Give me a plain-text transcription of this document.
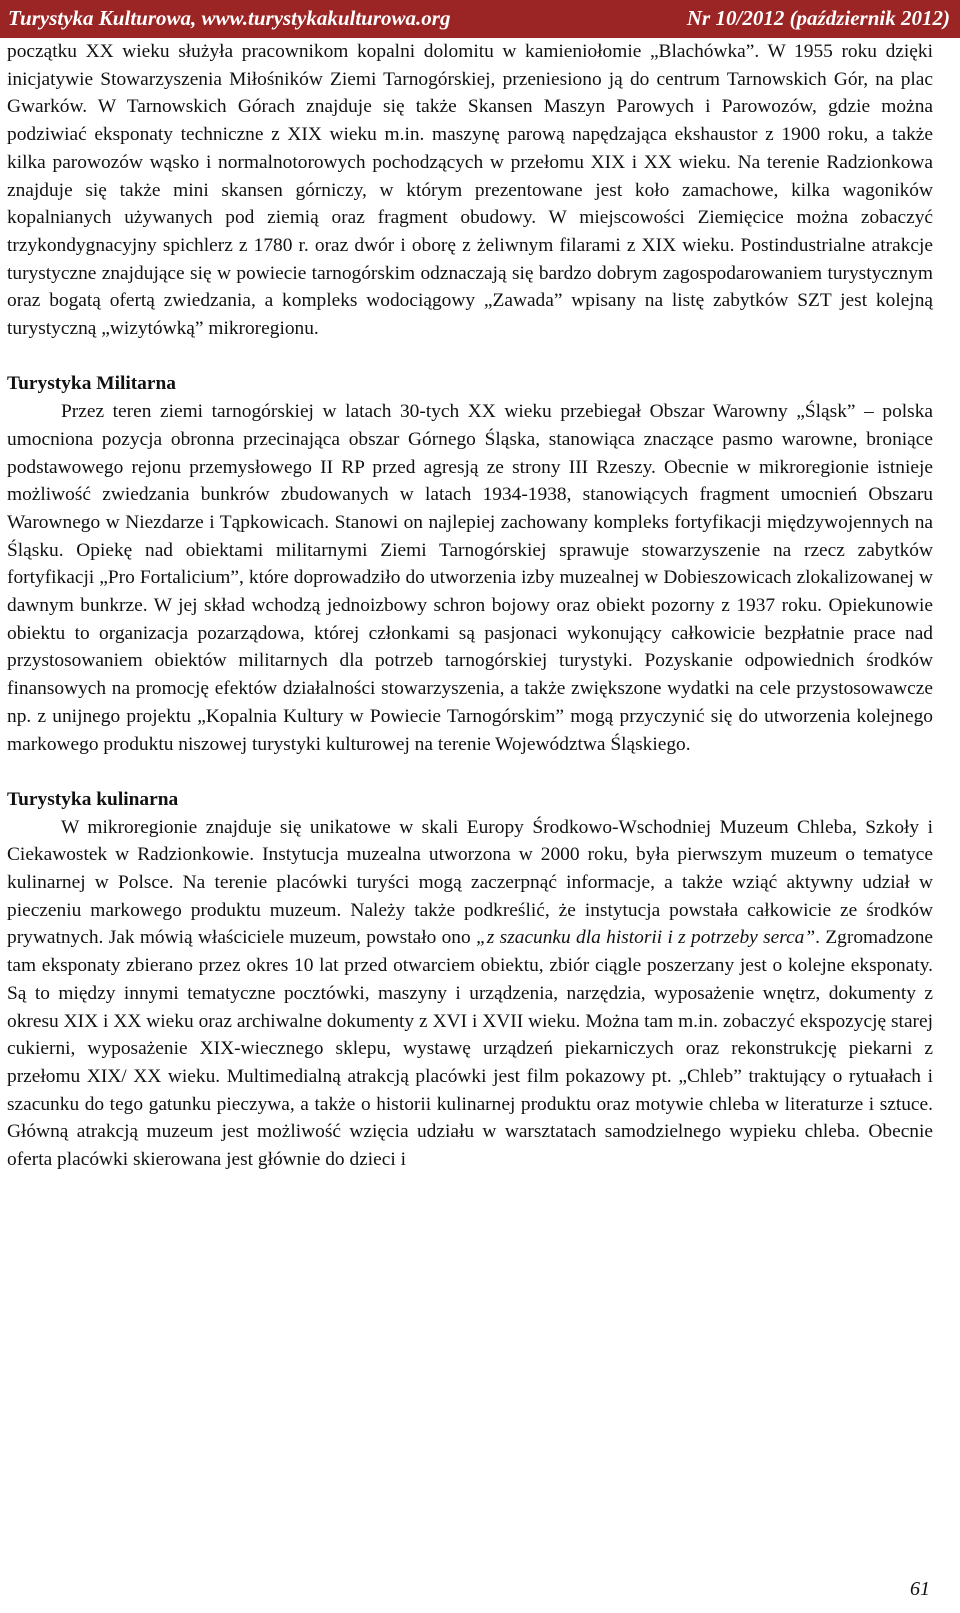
Turystyka Kulturowa, www.turystykakulturowa.org	Nr 10/2012 (październik 2012)

początku XX wieku służyła pracownikom kopalni dolomitu w kamieniołomie „Blachówka”. W 1955 roku dzięki inicjatywie Stowarzyszenia Miłośników Ziemi Tarnogórskiej, przeniesiono ją do centrum Tarnowskich Gór, na plac Gwarków. W Tarnowskich Górach znajduje się także Skansen Maszyn Parowych i Parowozów, gdzie można podziwiać eksponaty techniczne z XIX wieku m.in. maszynę parową napędzająca ekshaustor z 1900 roku, a także kilka parowozów wąsko i normalnotorowych pochodzących w przełomu XIX i XX wieku. Na terenie Radzionkowa znajduje się także mini skansen górniczy, w którym prezentowane jest koło zamachowe, kilka wagoników kopalnianych używanych pod ziemią oraz fragment obudowy. W miejscowości Ziemięcice można zobaczyć trzykondygnacyjny spichlerz z 1780 r. oraz dwór i oborę z żeliwnym filarami z XIX wieku. Postindustrialne atrakcje turystyczne znajdujące się w powiecie tarnogórskim odznaczają się bardzo dobrym zagospodarowaniem turystycznym oraz bogatą ofertą zwiedzania, a kompleks wodociągowy „Zawada” wpisany na listę zabytków SZT jest kolejną turystyczną „wizytówką” mikroregionu.

Turystyka Militarna

Przez teren ziemi tarnogórskiej w latach 30-tych XX wieku przebiegał Obszar Warowny „Śląsk” – polska umocniona pozycja obronna przecinająca obszar Górnego Śląska, stanowiąca znaczące pasmo warowne, broniące podstawowego rejonu przemysłowego II RP przed agresją ze strony III Rzeszy. Obecnie w mikroregionie istnieje możliwość zwiedzania bunkrów zbudowanych w latach 1934-1938, stanowiących fragment umocnień Obszaru Warownego w Niezdarze i Tąpkowicach. Stanowi on najlepiej zachowany kompleks fortyfikacji międzywojennych na Śląsku. Opiekę nad obiektami militarnymi Ziemi Tarnogórskiej sprawuje stowarzyszenie na rzecz zabytków fortyfikacji „Pro Fortalicium”, które doprowadziło do utworzenia izby muzealnej w Dobieszowicach zlokalizowanej w dawnym bunkrze. W jej skład wchodzą jednoizbowy schron bojowy oraz obiekt pozorny z 1937 roku. Opiekunowie obiektu to organizacja pozarządowa, której członkami są pasjonaci wykonujący całkowicie bezpłatnie prace nad przystosowaniem obiektów militarnych dla potrzeb tarnogórskiej turystyki. Pozyskanie odpowiednich środków finansowych na promocję efektów działalności stowarzyszenia, a także zwiększone wydatki na cele przystosowawcze np. z unijnego projektu „Kopalnia Kultury w Powiecie Tarnogórskim” mogą przyczynić się do utworzenia kolejnego markowego produktu niszowej turystyki kulturowej na terenie Województwa Śląskiego.

Turystyka kulinarna

W mikroregionie znajduje się unikatowe w skali Europy Środkowo-Wschodniej Muzeum Chleba, Szkoły i Ciekawostek w Radzionkowie. Instytucja muzealna utworzona w 2000 roku, była pierwszym muzeum o tematyce kulinarnej w Polsce. Na terenie placówki turyści mogą zaczerpnąć informacje, a także wziąć aktywny udział w pieczeniu markowego produktu muzeum. Należy także podkreślić, że instytucja powstała całkowicie ze środków prywatnych. Jak mówią właściciele muzeum, powstało ono „z szacunku dla historii i z potrzeby serca”. Zgromadzone tam eksponaty zbierano przez okres 10 lat przed otwarciem obiektu, zbiór ciągle poszerzany jest o kolejne eksponaty. Są to między innymi tematyczne pocztówki, maszyny i urządzenia, narzędzia, wyposażenie wnętrz, dokumenty z okresu XIX i XX wieku oraz archiwalne dokumenty z XVI i XVII wieku. Można tam m.in. zobaczyć ekspozycję starej cukierni, wyposażenie XIX-wiecznego sklepu, wystawę urządzeń piekarniczych oraz rekonstrukcję piekarni z przełomu XIX/ XX wieku. Multimedialną atrakcją placówki jest film pokazowy pt. „Chleb” traktujący o rytuałach i szacunku do tego gatunku pieczywa, a także o historii kulinarnej produktu oraz motywie chleba w literaturze i sztuce. Główną atrakcją muzeum jest możliwość wzięcia udziału w warsztatach samodzielnego wypieku chleba. Obecnie oferta placówki skierowana jest głównie do dzieci i

61
